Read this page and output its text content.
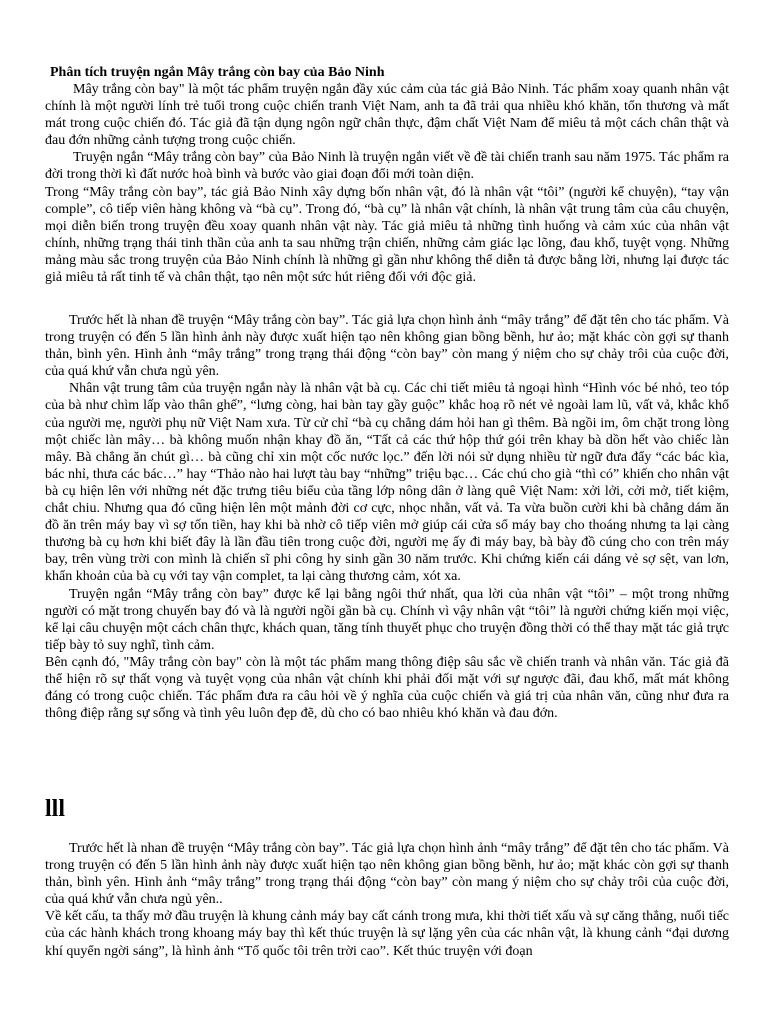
Phân tích truyện ngắn Mây trắng còn bay của Bảo Ninh

Mây trắng còn bay" là một tác phẩm truyện ngắn đầy xúc cảm của tác giả Bảo Ninh. Tác phẩm xoay quanh nhân vật chính là một người lính trẻ tuổi trong cuộc chiến tranh Việt Nam, anh ta đã trải qua nhiều khó khăn, tổn thương và mất mát trong cuộc chiến đó. Tác giả đã tận dụng ngôn ngữ chân thực, đậm chất Việt Nam để miêu tả một cách chân thật và đau đớn những cảnh tượng trong cuộc chiến.

Truyện ngắn “Mây trắng còn bay” của Bảo Ninh là truyện ngắn viết về đề tài chiến tranh sau năm 1975. Tác phẩm ra đời trong thời kì đất nước hoà bình và bước vào giai đoạn đổi mới toàn diện.

Trong “Mây trắng còn bay”, tác giả Bảo Ninh xây dựng bốn nhân vật, đó là nhân vật “tôi” (người kể chuyện), “tay vận comple”, cô tiếp viên hàng không và “bà cụ”. Trong đó, “bà cụ” là nhân vật chính, là nhân vật trung tâm của câu chuyện, mọi diễn biến trong truyện đều xoay quanh nhân vật này. Tác giả miêu tả những tình huống và cảm xúc của nhân vật chính, những trạng thái tinh thần của anh ta sau những trận chiến, những cảm giác lạc lõng, đau khổ, tuyệt vọng. Những mảng màu sắc trong truyện của Bảo Ninh chính là những gì gần như không thể diễn tả được bằng lời, nhưng lại được tác giả miêu tả rất tinh tế và chân thật, tạo nên một sức hút riêng đối với độc giả.

Trước hết là nhan đề truyện “Mây trắng còn bay”. Tác giả lựa chọn hình ảnh “mây trắng” để đặt tên cho tác phẩm. Và trong truyện có đến 5 lần hình ảnh này được xuất hiện tạo nên không gian bồng bềnh, hư ảo; mặt khác còn gợi sự thanh thản, bình yên. Hình ảnh “mây trắng” trong trạng thái động “còn bay” còn mang ý niệm cho sự chảy trôi của cuộc đời, của quá khứ vẫn chưa ngủ yên.

Nhân vật trung tâm của truyện ngắn này là nhân vật bà cụ. Các chi tiết miêu tả ngoại hình “Hình vóc bé nhỏ, teo tóp của bà như chìm lấp vào thân ghế”, “lưng còng, hai bàn tay gầy guộc” khắc hoạ rõ nét vẻ ngoài lam lũ, vất vả, khắc khổ của người mẹ, người phụ nữ Việt Nam xưa. Từ cử chỉ “bà cụ chẳng dám hỏi han gì thêm. Bà ngồi im, ôm chặt trong lòng một chiếc làn mây… bà không muốn nhận khay đồ ăn, “Tất cả các thứ hộp thứ gói trên khay bà dồn hết vào chiếc làn mây. Bà chẳng ăn chút gì… bà cũng chỉ xin một cốc nước lọc.” đến lời nói sử dụng nhiều từ ngữ đưa đẩy “các bác kìa, bác nhỉ, thưa các bác…” hay “Thảo nào hai lượt tàu bay “những” triệu bạc… Các chú cho già “thì có” khiến cho nhân vật bà cụ hiện lên với những nét đặc trưng tiêu biểu của tầng lớp nông dân ở làng quê Việt Nam: xởi lởi, cởi mở, tiết kiệm, chắt chiu. Nhưng qua đó cũng hiện lên một mảnh đời cơ cực, nhọc nhằn, vất vả. Ta vừa buồn cười khi bà chẳng dám ăn đồ ăn trên máy bay vì sợ tốn tiền, hay khi bà nhờ cô tiếp viên mở giúp cái cửa sổ máy bay cho thoáng nhưng ta lại càng thương bà cụ hơn khi biết đây là lần đầu tiên trong cuộc đời, người mẹ ấy đi máy bay, bà bày đồ cúng cho con trên máy bay, trên vùng trời con mình là chiến sĩ phi công hy sinh gần 30 năm trước. Khi chứng kiến cái dáng vẻ sợ sệt, van lơn, khẩn khoản của bà cụ với tay vận complet, ta lại càng thương cảm, xót xa.

Truyện ngắn “Mây trắng còn bay” được kể lại bằng ngôi thứ nhất, qua lời của nhân vật “tôi” – một trong những người có mặt trong chuyến bay đó và là người ngồi gần bà cụ. Chính vì vậy nhân vật “tôi” là người chứng kiến mọi việc, kể lại câu chuyện một cách chân thực, khách quan, tăng tính thuyết phục cho truyện đồng thời có thể thay mặt tác giả trực tiếp bày tỏ suy nghĩ, tình cảm.

Bên cạnh đó, "Mây trắng còn bay" còn là một tác phẩm mang thông điệp sâu sắc về chiến tranh và nhân văn. Tác giả đã thể hiện rõ sự thất vọng và tuyệt vọng của nhân vật chính khi phải đối mặt với sự ngược đãi, đau khổ, mất mát không đáng có trong cuộc chiến. Tác phẩm đưa ra câu hỏi về ý nghĩa của cuộc chiến và giá trị của nhân văn, cũng như đưa ra thông điệp rằng sự sống và tình yêu luôn đẹp đẽ, dù cho có bao nhiêu khó khăn và đau đớn.

lll

Trước hết là nhan đề truyện “Mây trắng còn bay”. Tác giả lựa chọn hình ảnh “mây trắng” để đặt tên cho tác phẩm. Và trong truyện có đến 5 lần hình ảnh này được xuất hiện tạo nên không gian bồng bềnh, hư ảo; mặt khác còn gợi sự thanh thản, bình yên. Hình ảnh “mây trắng” trong trạng thái động “còn bay” còn mang ý niệm cho sự chảy trôi của cuộc đời, của quá khứ vẫn chưa ngủ yên..

Về kết cấu, ta thấy mở đầu truyện là khung cảnh máy bay cất cánh trong mưa, khi thời tiết xấu và sự căng thẳng, nuối tiếc của các hành khách trong khoang máy bay thì kết thúc truyện là sự lặng yên của các nhân vật, là khung cảnh “đại dương khí quyển ngời sáng”, là hình ảnh “Tổ quốc tôi trên trời cao”. Kết thúc truyện với đoạn
